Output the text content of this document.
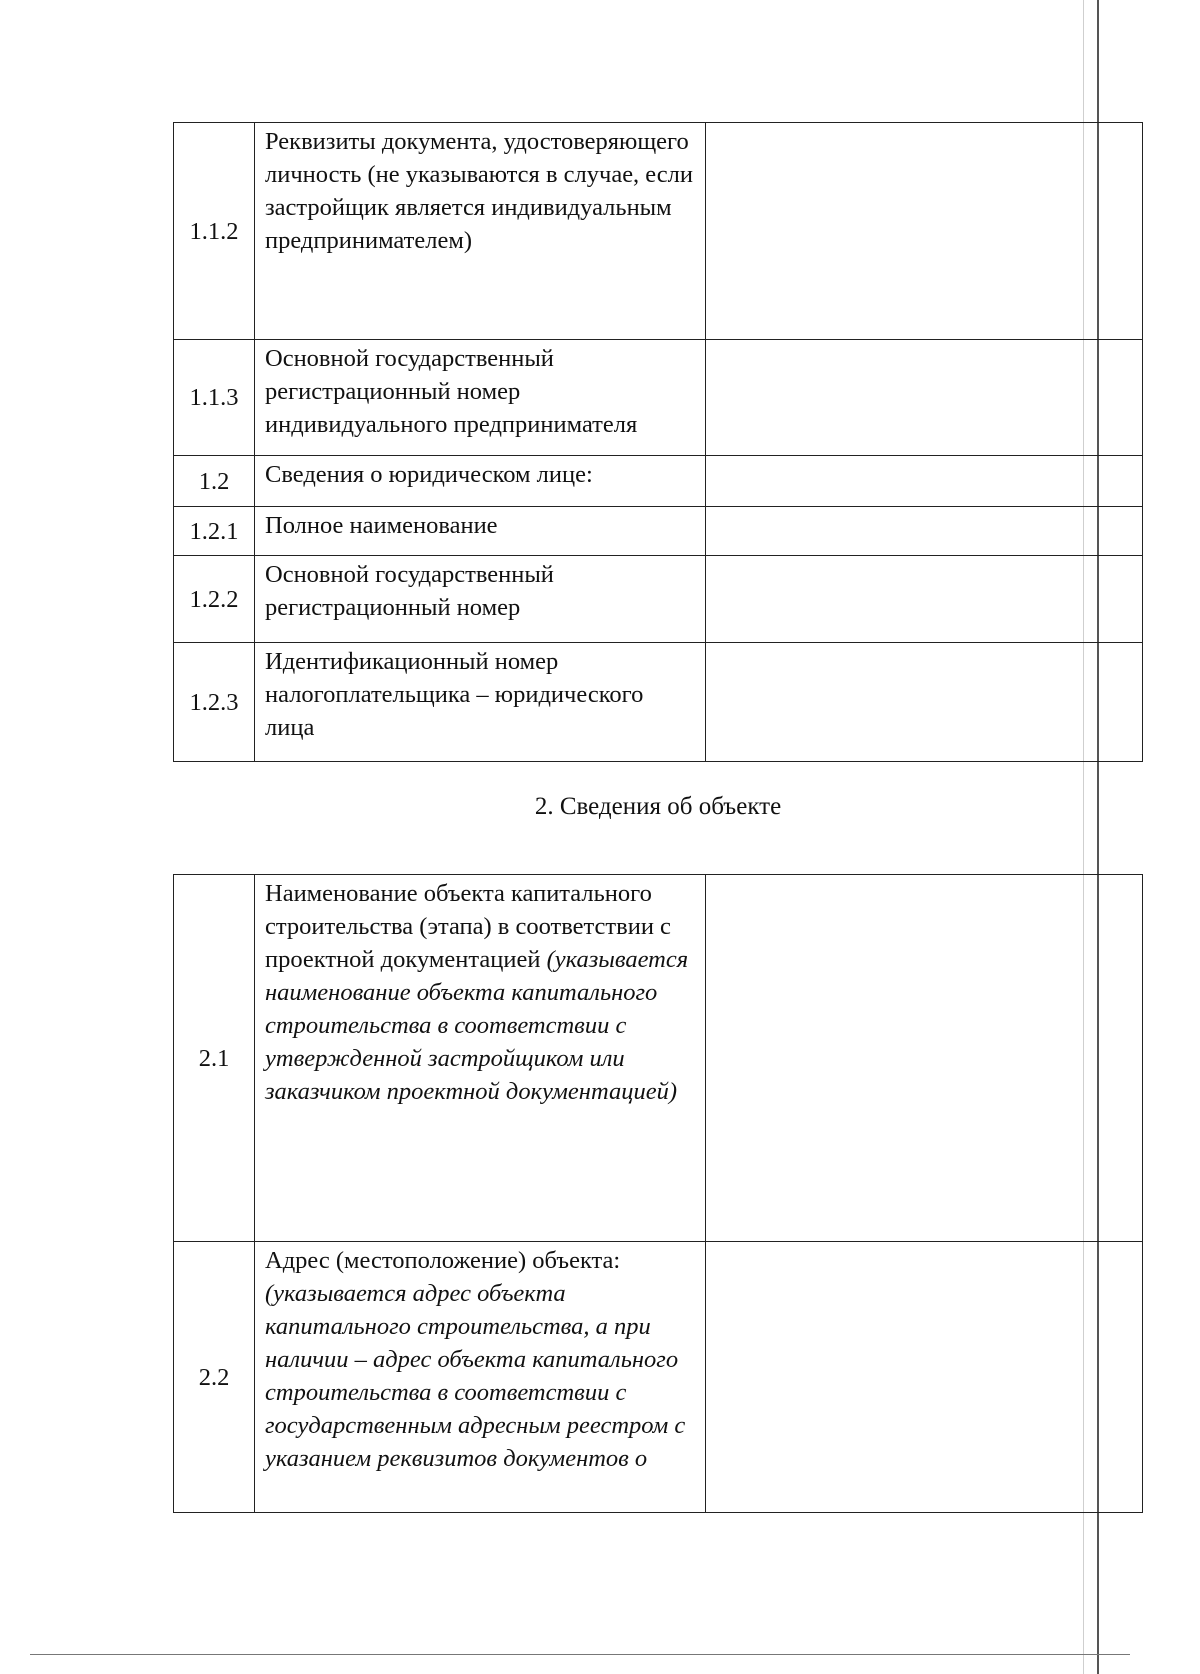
1.1.2	Реквизиты документа, удостоверяющего личность (не указываются в случае, если застройщик является индивидуальным предпринимателем)	
1.1.3	Основной государственный регистрационный номер индивидуального предпринимателя	
1.2	Сведения о юридическом лице:	
1.2.1	Полное наименование	
1.2.2	Основной государственный регистрационный номер	
1.2.3	Идентификационный номер налогоплательщика – юридического лица	
2. Сведения об объекте
2.1	Наименование объекта капитального строительства (этапа) в соответствии с проектной документацией (указывается наименование объекта капитального строительства в соответствии с утвержденной застройщиком или заказчиком проектной документацией)	
2.2	Адрес (местоположение) объекта: (указывается адрес объекта капитального строительства, а при наличии – адрес объекта капитального строительства в соответствии с государственным адресным реестром с указанием реквизитов документов о	
